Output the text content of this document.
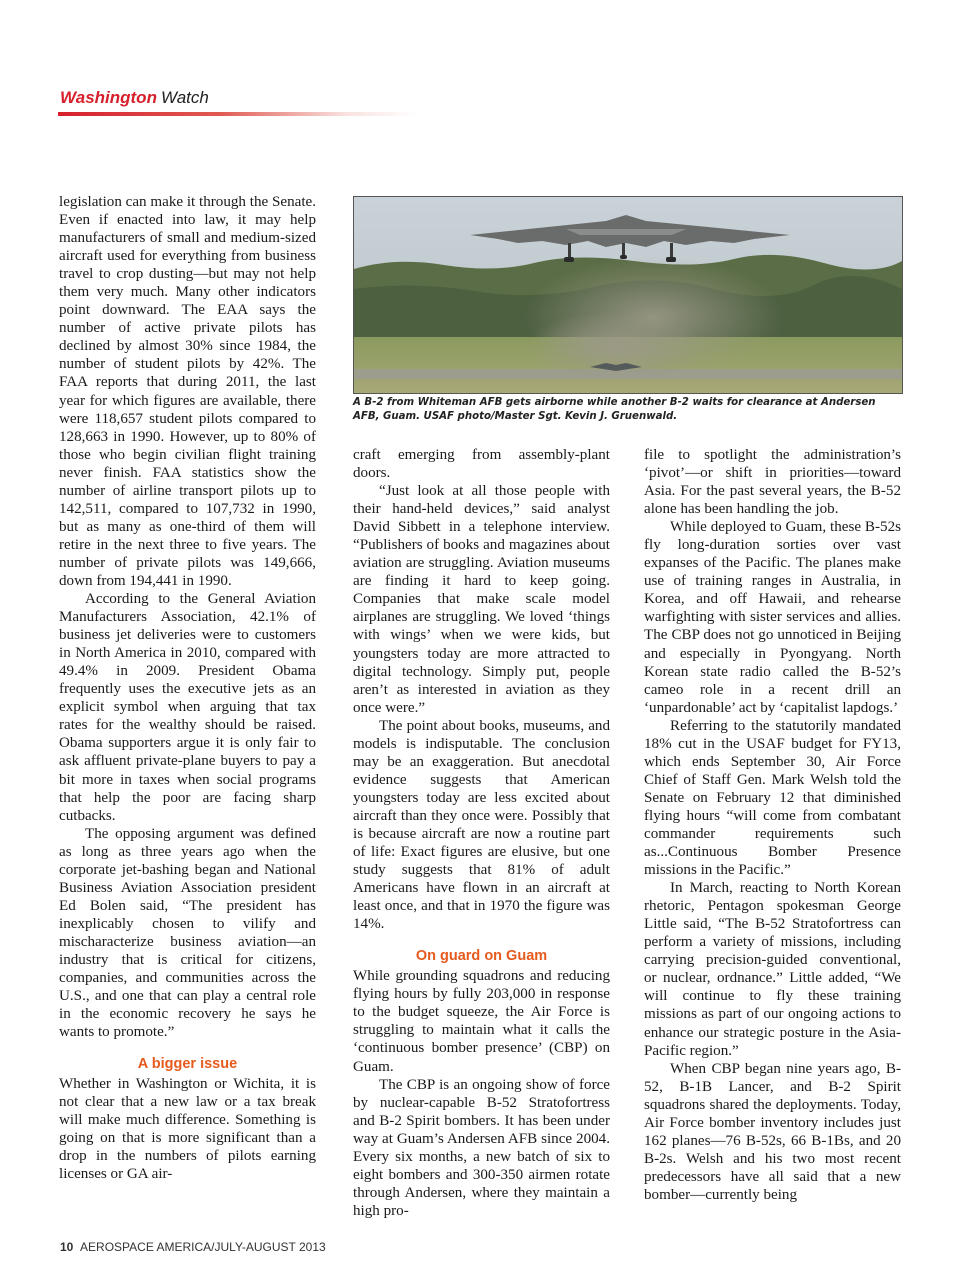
Washington Watch

legislation can make it through the Senate. Even if enacted into law, it may help manufacturers of small and medium-sized aircraft used for everything from business travel to crop dusting—but may not help them very much. Many other indicators point downward. The EAA says the number of active private pilots has declined by almost 30% since 1984, the number of student pilots by 42%. The FAA reports that during 2011, the last year for which figures are available, there were 118,657 student pilots compared to 128,663 in 1990. However, up to 80% of those who begin civilian flight training never finish. FAA statistics show the number of airline transport pilots up to 142,511, compared to 107,732 in 1990, but as many as one-third of them will retire in the next three to five years. The number of private pilots was 149,666, down from 194,441 in 1990.

According to the General Aviation Manufacturers Association, 42.1% of business jet deliveries were to customers in North America in 2010, compared with 49.4% in 2009. President Obama frequently uses the executive jets as an explicit symbol when arguing that tax rates for the wealthy should be raised. Obama supporters argue it is only fair to ask affluent private-plane buyers to pay a bit more in taxes when social programs that help the poor are facing sharp cutbacks.

The opposing argument was defined as long as three years ago when the corporate jet-bashing began and National Business Aviation Association president Ed Bolen said, “The president has inexplicably chosen to vilify and mischaracterize business aviation—an industry that is critical for citizens, companies, and communities across the U.S., and one that can play a central role in the economic recovery he says he wants to promote.”

A bigger issue

Whether in Washington or Wichita, it is not clear that a new law or a tax break will make much difference. Something is going on that is more significant than a drop in the numbers of pilots earning licenses or GA air-

A B-2 from Whiteman AFB gets airborne while another B-2 waits for clearance at Andersen AFB, Guam. USAF photo/Master Sgt. Kevin J. Gruenwald.

craft emerging from assembly-plant doors.

“Just look at all those people with their hand-held devices,” said analyst David Sibbett in a telephone interview. “Publishers of books and magazines about aviation are struggling. Aviation museums are finding it hard to keep going. Companies that make scale model airplanes are struggling. We loved ‘things with wings’ when we were kids, but youngsters today are more attracted to digital technology. Simply put, people aren’t as interested in aviation as they once were.”

The point about books, museums, and models is indisputable. The conclusion may be an exaggeration. But anecdotal evidence suggests that American youngsters today are less excited about aircraft than they once were. Possibly that is because aircraft are now a routine part of life: Exact figures are elusive, but one study suggests that 81% of adult Americans have flown in an aircraft at least once, and that in 1970 the figure was 14%.

On guard on Guam

While grounding squadrons and reducing flying hours by fully 203,000 in response to the budget squeeze, the Air Force is struggling to maintain what it calls the ‘continuous bomber presence’ (CBP) on Guam.

The CBP is an ongoing show of force by nuclear-capable B-52 Stratofortress and B-2 Spirit bombers. It has been under way at Guam’s Andersen AFB since 2004. Every six months, a new batch of six to eight bombers and 300-350 airmen rotate through Andersen, where they maintain a high pro-

file to spotlight the administration’s ‘pivot’—or shift in priorities—toward Asia. For the past several years, the B-52 alone has been handling the job.

While deployed to Guam, these B-52s fly long-duration sorties over vast expanses of the Pacific. The planes make use of training ranges in Australia, in Korea, and off Hawaii, and rehearse warfighting with sister services and allies. The CBP does not go unnoticed in Beijing and especially in Pyongyang. North Korean state radio called the B-52’s cameo role in a recent drill an ‘unpardonable’ act by ‘capitalist lapdogs.’

Referring to the statutorily mandated 18% cut in the USAF budget for FY13, which ends September 30, Air Force Chief of Staff Gen. Mark Welsh told the Senate on February 12 that diminished flying hours “will come from combatant commander requirements such as...Continuous Bomber Presence missions in the Pacific.”

In March, reacting to North Korean rhetoric, Pentagon spokesman George Little said, “The B-52 Stratofortress can perform a variety of missions, including carrying precision-guided conventional, or nuclear, ordnance.” Little added, “We will continue to fly these training missions as part of our ongoing actions to enhance our strategic posture in the Asia-Pacific region.”

When CBP began nine years ago, B-52, B-1B Lancer, and B-2 Spirit squadrons shared the deployments. Today, Air Force bomber inventory includes just 162 planes—76 B-52s, 66 B-1Bs, and 20 B-2s. Welsh and his two most recent predecessors have all said that a new bomber—currently being

10 AEROSPACE AMERICA/JULY-AUGUST 2013
